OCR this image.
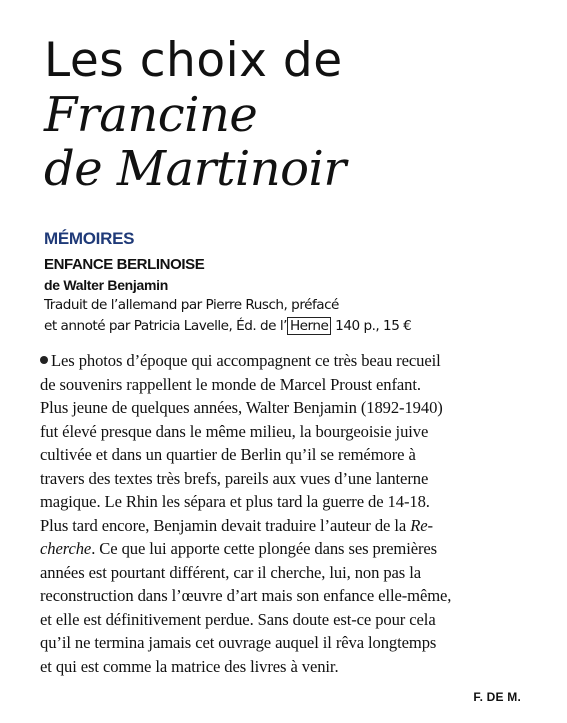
Les choix de
Francine
de Martinoir
MÉMOIRES
ENFANCE BERLINOISE
de Walter Benjamin
Traduit de l’allemand par Pierre Rusch, préfacé
et annoté par Patricia Lavelle, Éd. de l’ Herne 140 p., 15 €
Les photos d’époque qui accompagnent ce très beau recueil
de souvenirs rappellent le monde de Marcel Proust enfant.
Plus jeune de quelques années, Walter Benjamin (1892-1940)
fut élevé presque dans le même milieu, la bourgeoisie juive
cultivée et dans un quartier de Berlin qu’il se remémore à
travers des textes très brefs, pareils aux vues d’une lanterne
magique. Le Rhin les sépara et plus tard la guerre de 14-18.
Plus tard encore, Benjamin devait traduire l’auteur de la Re-
cherche. Ce que lui apporte cette plongée dans ses premières
années est pourtant différent, car il cherche, lui, non pas la
reconstruction dans l’œuvre d’art mais son enfance elle-même,
et elle est définitivement perdue. Sans doute est-ce pour cela
qu’il ne termina jamais cet ouvrage auquel il rêva longtemps
et qui est comme la matrice des livres à venir.
F. DE M.
